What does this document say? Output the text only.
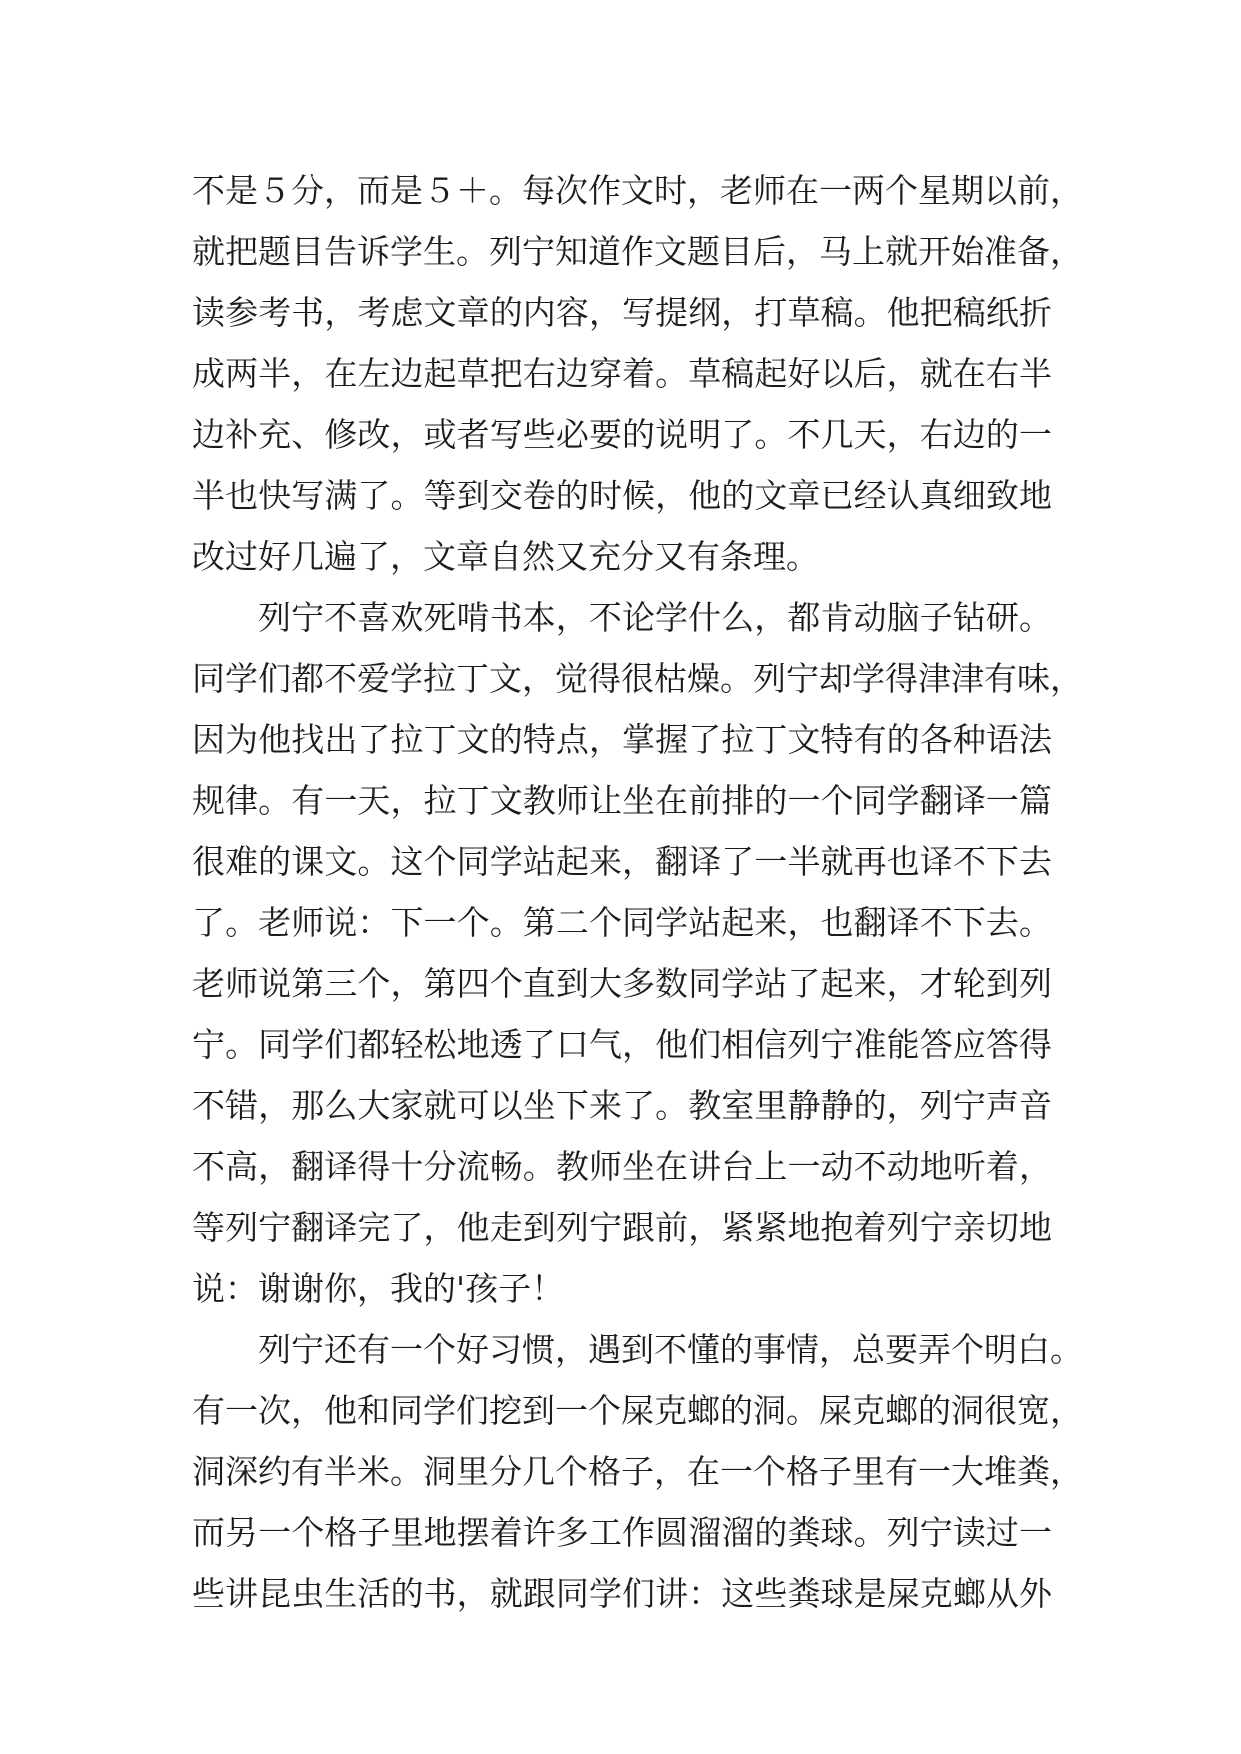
不是５分，而是５＋。每次作文时，老师在一两个星期以前，
就把题目告诉学生。列宁知道作文题目后，马上就开始准备，
读参考书，考虑文章的内容，写提纲，打草稿。他把稿纸折
成两半，在左边起草把右边穿着。草稿起好以后，就在右半
边补充、修改，或者写些必要的说明了。不几天，右边的一
半也快写满了。等到交卷的时候，他的文章已经认真细致地
改过好几遍了，文章自然又充分又有条理。
列宁不喜欢死啃书本，不论学什么，都肯动脑子钻研。
同学们都不爱学拉丁文，觉得很枯燥。列宁却学得津津有味，
因为他找出了拉丁文的特点，掌握了拉丁文特有的各种语法
规律。有一天，拉丁文教师让坐在前排的一个同学翻译一篇
很难的课文。这个同学站起来，翻译了一半就再也译不下去
了。老师说：下一个。第二个同学站起来，也翻译不下去。
老师说第三个，第四个直到大多数同学站了起来，才轮到列
宁。同学们都轻松地透了口气，他们相信列宁准能答应答得
不错，那么大家就可以坐下来了。教室里静静的，列宁声音
不高，翻译得十分流畅。教师坐在讲台上一动不动地听着，
等列宁翻译完了，他走到列宁跟前，紧紧地抱着列宁亲切地
说：谢谢你，我的'孩子！
列宁还有一个好习惯，遇到不懂的事情，总要弄个明白。
有一次，他和同学们挖到一个屎克螂的洞。屎克螂的洞很宽，
洞深约有半米。洞里分几个格子，在一个格子里有一大堆粪，
而另一个格子里地摆着许多工作圆溜溜的粪球。列宁读过一
些讲昆虫生活的书，就跟同学们讲：这些粪球是屎克螂从外
